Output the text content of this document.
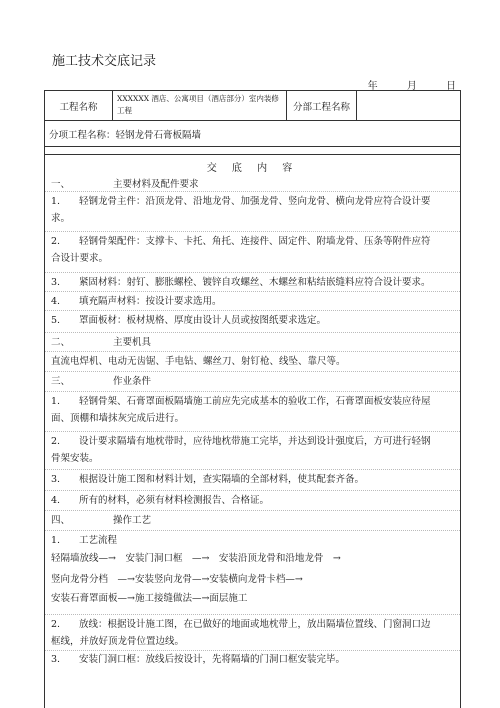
施工技术交底记录
年	月	日
工程名称
XXXXXX 酒店、公寓项目（酒店部分）室内装修工程	分部工程名称
分项工程名称：轻钢龙骨石膏板隔墙
交 底 内 容
一、	主要材料及配件要求
1. 轻钢龙骨主件：沿顶龙骨、沿地龙骨、加强龙骨、竖向龙骨、横向龙骨应符合设计要
求。
2. 轻钢骨架配件：支撑卡、卡托、角托、连接件、固定件、附墙龙骨、压条等附件应符
合设计要求。
3. 紧固材料：射钉、膨胀螺栓、镀锌自攻螺丝、木螺丝和粘结嵌缝料应符合设计要求。
4. 填充隔声材料：按设计要求选用。
5. 罩面板材：板材规格、厚度由设计人员或按图纸要求选定。
二、	主要机具
直流电焊机、电动无齿锯、手电钻、螺丝刀、射钉枪、线坠、靠尺等。
三、	作业条件
1. 轻钢骨架、石膏罩面板隔墙施工前应先完成基本的验收工作，石膏罩面板安装应待屋
面、顶棚和墙抹灰完成后进行。
2. 设计要求隔墙有地枕带时，应待地枕带施工完毕，并达到设计强度后，方可进行轻钢
骨架安装。
3. 根据设计施工图和材料计划，查实隔墙的全部材料，使其配套齐备。
4. 所有的材料，必须有材料检测报告、合格证。
四、	操作工艺
1. 工艺流程
轻隔墙放线—→　安装门洞口框　—→　安装沿顶龙骨和沿地龙骨　→
竖向龙骨分档　—→安装竖向龙骨—→安装横向龙骨卡档—→
安装石膏罩面板—→施工接缝做法—→面层施工
2. 放线：根据设计施工图，在已做好的地面或地枕带上，放出隔墙位置线、门窗洞口边
框线，并放好顶龙骨位置边线。
3. 安装门洞口框：放线后按设计，先将隔墙的门洞口框安装完毕。
